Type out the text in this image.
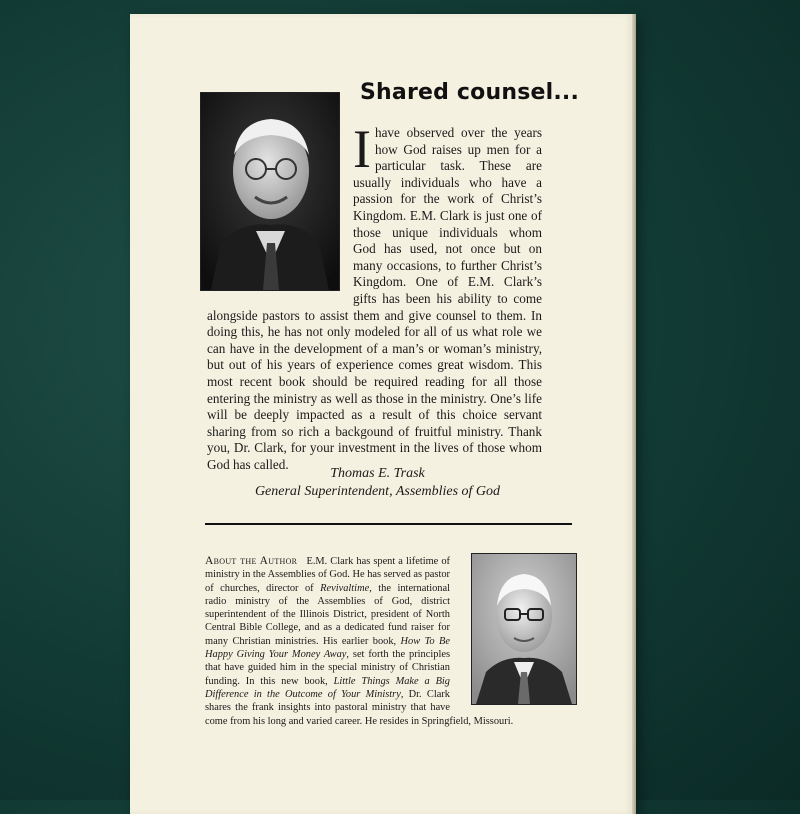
Shared counsel...
I have observed over the years how God raises up men for a particular task. These are usually individuals who have a passion for the work of Christ’s Kingdom. E.M. Clark is just one of those unique individuals whom God has used, not once but on many occasions, to further Christ’s Kingdom. One of E.M. Clark’s gifts has been his ability to come alongside pastors to assist them and give counsel to them. In doing this, he has not only modeled for all of us what role we can have in the development of a man’s or woman’s ministry, but out of his years of experience comes great wisdom. This most recent book should be required reading for all those entering the ministry as well as those in the ministry. One’s life will be deeply impacted as a result of this choice servant sharing from so rich a backgound of fruitful ministry. Thank you, Dr. Clark, for your investment in the lives of those whom God has called.
Thomas E. Trask
General Superintendent, Assemblies of God
About the Author E.M. Clark has spent a lifetime of ministry in the Assemblies of God. He has served as pastor of churches, director of Revivaltime, the international radio ministry of the Assemblies of God, district superintendent of the Illinois District, president of North Central Bible College, and as a dedicated fund raiser for many Christian ministries. His earlier book, How To Be Happy Giving Your Money Away, set forth the principles that have guided him in the special ministry of Christian funding. In this new book, Little Things Make a Big Difference in the Outcome of Your Ministry, Dr. Clark shares the frank insights into pastoral ministry that have come from his long and varied career. He resides in Springfield, Missouri.
